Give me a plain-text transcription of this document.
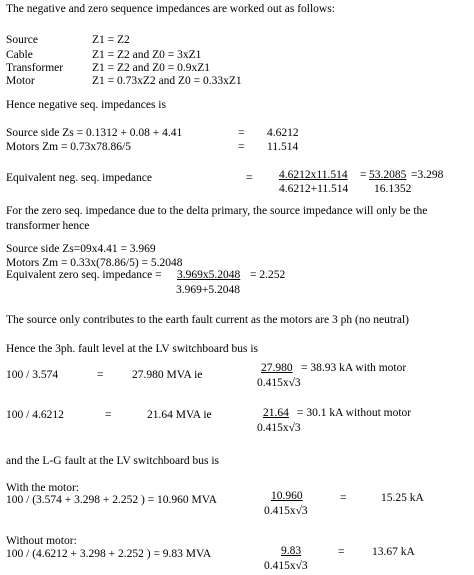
The negative and zero sequence impedances are worked out as follows:
Source	Z1 = Z2
Cable	Z1 = Z2 and Z0 = 3xZ1
Transformer	Z1 = Z2 and Z0 = 0.9xZ1
Motor	Z1 = 0.73xZ2 and Z0 = 0.33xZ1
Hence negative seq. impedances is
Source side Zs = 0.1312 + 0.08 + 4.41	= 4.6212
Motors Zm = 0.73x78.86/5	= 11.514
Equivalent neg. seq. impedance	= 4.6212x11.514
4.6212+11.514
= 53.2085
16.1352
=3.298
For the zero seq. impedance due to the delta primary, the source impedance will only be the
transformer hence
Source side Zs=09x4.41 = 3.969
Motors Zm = 0.33x(78.86/5) = 5.2048
Equivalent zero seq. impedance = 3.969x5.2048
3.969+5.2048
= 2.252
The source only contributes to the earth fault current as the motors are 3 ph (no neutral)
Hence the 3ph. fault level at the LV switchboard bus is
100 / 3.574	= 27.980 MVA ie
27.980 = 38.93 kA with motor
0.415x√3
100 / 4.6212	=	21.64 MVA ie	21.64 = 30.1 kA without motor
0.415x√3
and the L-G fault at the LV switchboard bus is
With the motor:
100 / (3.574 + 3.298 + 2.252 ) = 10.960 MVA	10.960
0.415x√3
=	15.25 kA
Without motor:
100 / (4.6212 + 3.298 + 2.252 ) = 9.83 MVA	9.83
0.415x√3
= 13.67 kA
